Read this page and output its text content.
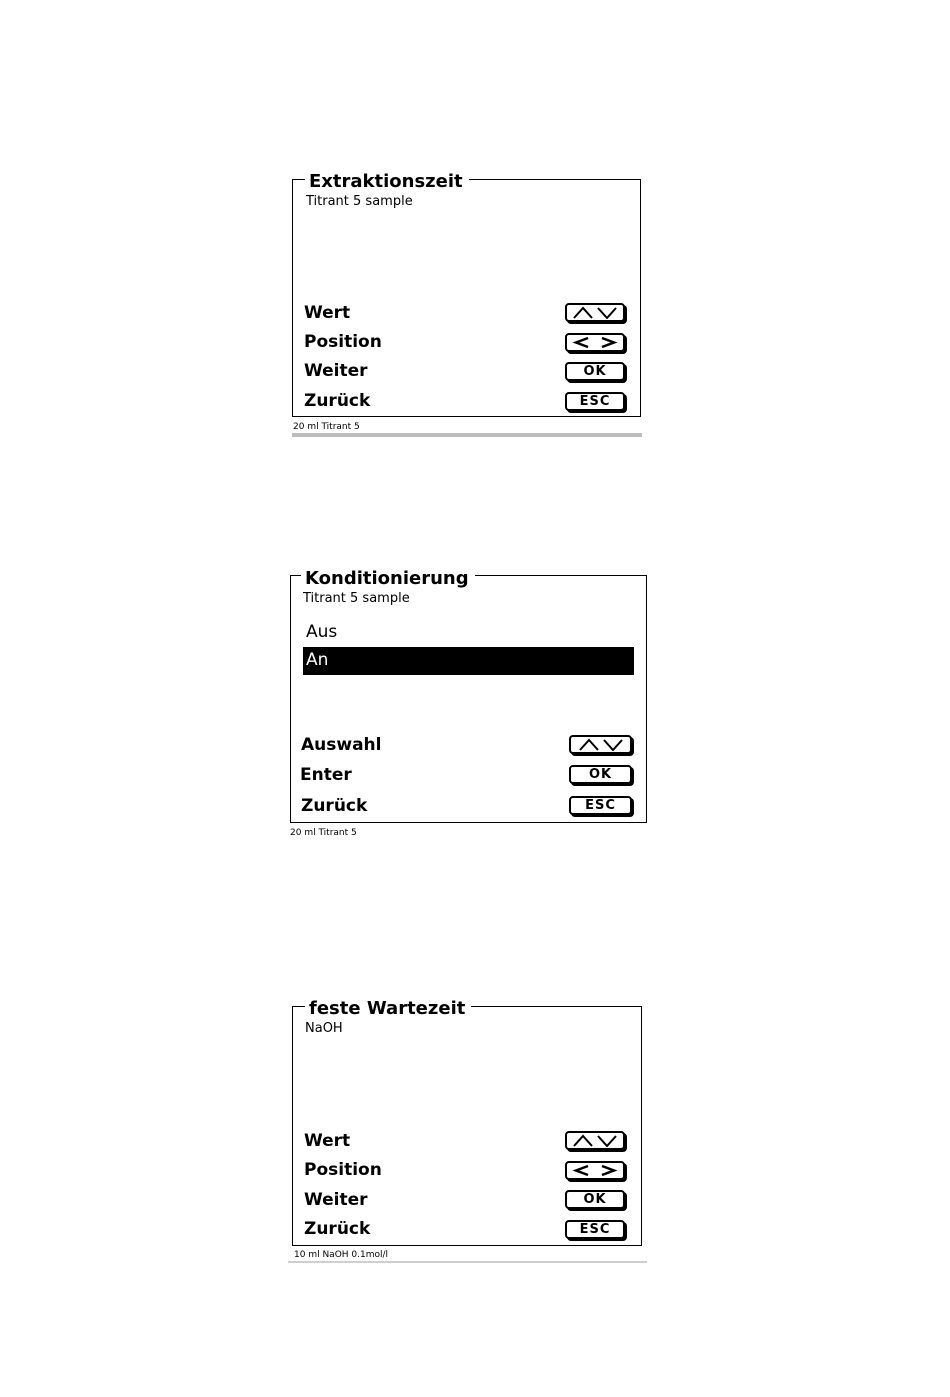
Extraktionszeit
Titrant 5 sample
Wert
Position
Weiter	OK
Zurück	ESC
20 ml Titrant 5
Konditionierung
Titrant 5 sample
Aus
An
Auswahl
Enter	OK
Zurück	ESC
20 ml Titrant 5
feste Wartezeit
NaOH
Wert
Position
Weiter	OK
Zurück	ESC
10 ml NaOH 0.1mol/l
